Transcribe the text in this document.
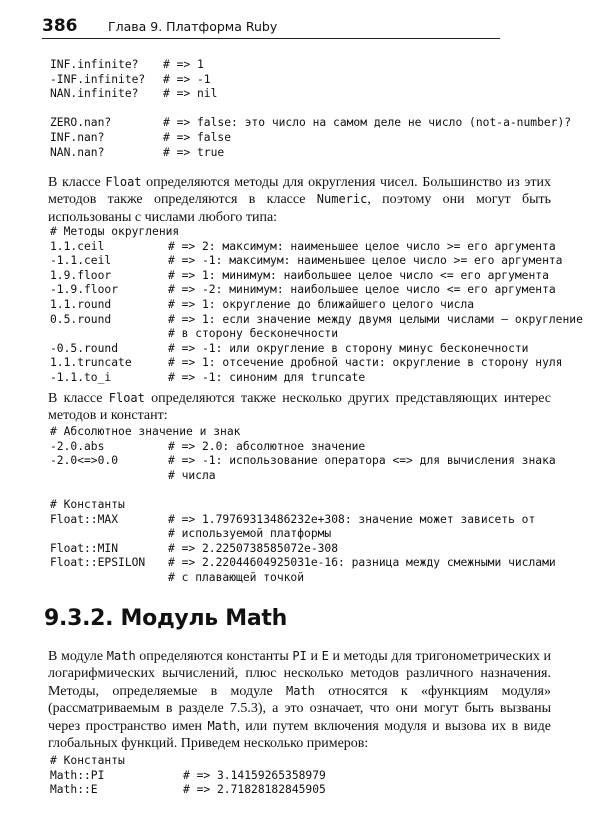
386 Глава 9. Платформа Ruby
INF.infinite? # => 1
-INF.infinite? # => -1
NAN.infinite? # => nil
ZERO.nan?	# => false: это число на самом деле не число (not-a-number)?
INF.nan?	# => false
NAN.nan?	# => true
В классе Float определяются методы для округления чисел. Большинство из этих методов также определяются в классе Numeric, поэтому они могут быть использованы с числами любого типа:
# Методы округления
1.1.ceil	# => 2: максимум: наименьшее целое число >= его аргумента
-1.1.ceil	# => -1: максимум: наименьшее целое число >= его аргумента
1.9.floor	# => 1: минимум: наибольшее целое число <= его аргумента
-1.9.floor	# => -2: минимум: наибольшее целое число <= его аргумента
1.1.round	# => 1: округление до ближайшего целого числа
0.5.round	# => 1: если значение между двумя целыми числами – округление
# в сторону бесконечности
-0.5.round	# => -1: или округление в сторону минус бесконечности
1.1.truncate	# => 1: отсечение дробной части: округление в сторону нуля
-1.1.to_i	# => -1: синоним для truncate
В классе Float определяются также несколько других представляющих интерес методов и констант:
# Абсолютное значение и знак
-2.0.abs	# => 2.0: абсолютное значение
-2.0<=>0.0	# => -1: использование оператора <=> для вычисления знака
# числа
# Константы
Float::MAX	# => 1.79769313486232e+308: значение может зависеть от
# используемой платформы
Float::MIN	# => 2.2250738585072e-308
Float::EPSILON # => 2.22044604925031e-16: разница между смежными числами
# с плавающей точкой
9.3.2. Модуль Math
В модуле Math определяются константы PI и E и методы для тригонометрических и логарифмических вычислений, плюс несколько методов различного назначения. Методы, определяемые в модуле Math относятся к «функциям модуля» (рассматриваемым в разделе 7.5.3), а это означает, что они могут быть вызваны через пространство имен Math, или путем включения модуля и вызова их в виде глобальных функций. Приведем несколько примеров:
# Константы
Math::PI	# => 3.14159265358979
Math::E	# => 2.71828182845905
